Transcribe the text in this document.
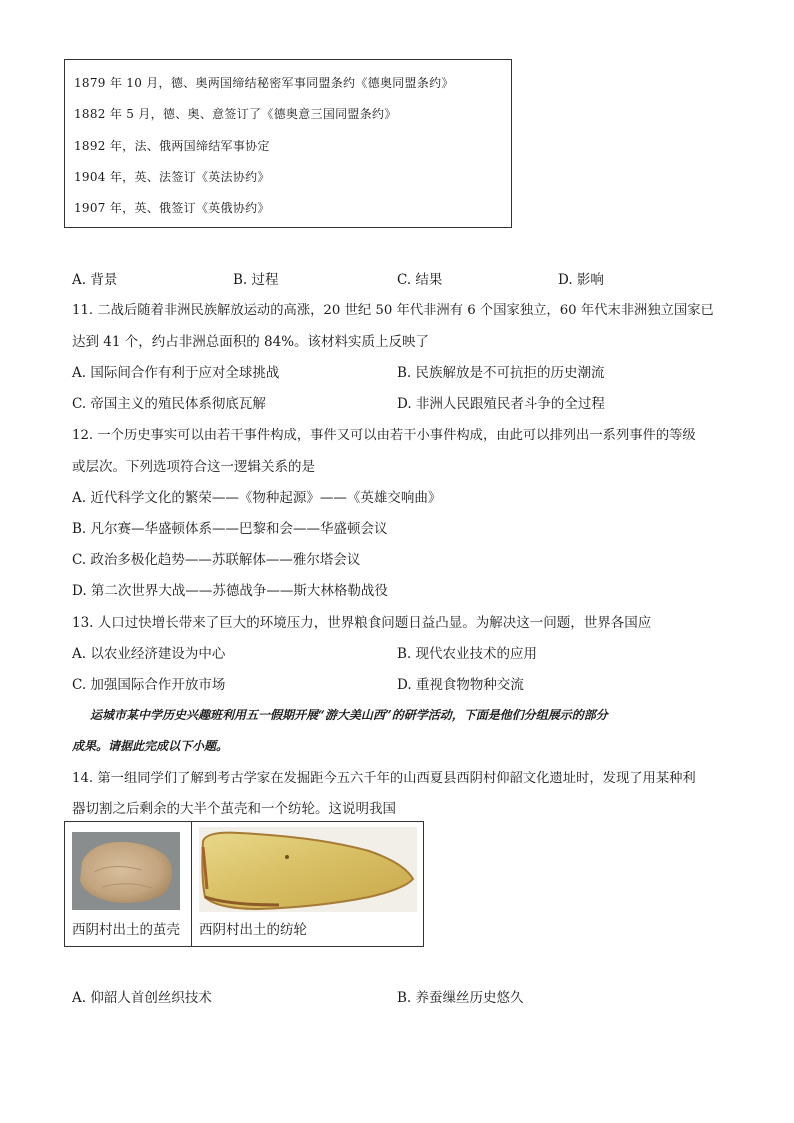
1879 年 10 月，德、奥两国缔结秘密军事同盟条约《德奥同盟条约》
1882 年 5 月，德、奥、意签订了《德奥意三国同盟条约》
1892 年，法、俄两国缔结军事协定
1904 年，英、法签订《英法协约》
1907 年，英、俄签订《英俄协约》
A. 背景	B. 过程	C. 结果	D. 影响
11. 二战后随着非洲民族解放运动的高涨，20 世纪 50 年代非洲有 6 个国家独立，60 年代末非洲独立国家已
达到 41 个，约占非洲总面积的 84%。该材料实质上反映了
A. 国际间合作有利于应对全球挑战	B. 民族解放是不可抗拒的历史潮流
C. 帝国主义的殖民体系彻底瓦解	D. 非洲人民跟殖民者斗争的全过程
12. 一个历史事实可以由若干事件构成，事件又可以由若干小事件构成，由此可以排列出一系列事件的等级
或层次。下列选项符合这一逻辑关系的是
A. 近代科学文化的繁荣——《物种起源》——《英雄交响曲》
B. 凡尔赛—华盛顿体系——巴黎和会——华盛顿会议
C. 政治多极化趋势——苏联解体——雅尔塔会议
D. 第二次世界大战——苏德战争——斯大林格勒战役
13. 人口过快增长带来了巨大的环境压力，世界粮食问题日益凸显。为解决这一问题，世界各国应
A. 以农业经济建设为中心	B. 现代农业技术的应用
C. 加强国际合作开放市场	D. 重视食物物种交流
运城市某中学历史兴趣班利用五一假期开展“游大美山西”的研学活动，下面是他们分组展示的部分
成果。请据此完成以下小题。
14. 第一组同学们了解到考古学家在发掘距今五六千年的山西夏县西阴村仰韶文化遗址时，发现了用某种利
器切割之后剩余的大半个茧壳和一个纺轮。这说明我国
西阴村出土的茧壳 西阴村出土的纺轮
A. 仰韶人首创丝织技术	B. 养蚕缫丝历史悠久
